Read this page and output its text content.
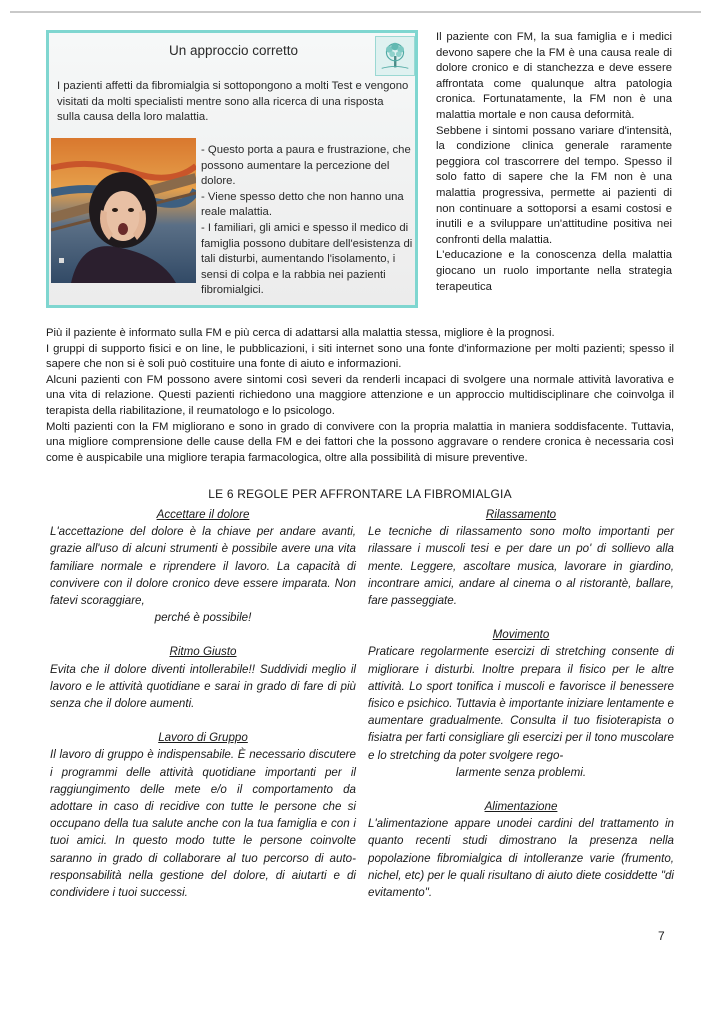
Un approccio corretto
I pazienti affetti da fibromialgia si sottopongono a molti Test e vengono visitati da molti specialisti mentre sono alla ricerca di una risposta sulla causa della loro malattia.
- Questo porta a paura e frustrazione, che possono aumentare la percezione del dolore.
- Viene spesso detto che non hanno una reale malattia.
- I familiari, gli amici e spesso il medico di famiglia possono dubitare dell'esistenza di tali disturbi, aumentando l'isolamento, i sensi di colpa e la rabbia nei pazienti fibromialgici.

Il paziente con FM, la sua famiglia e i medici devono sapere che la FM è una causa reale di dolore cronico e di stanchezza e deve essere affrontata come qualunque altra patologia cronica. Fortunatamente, la FM non è una malattia mortale e non causa deformità.

Sebbene i sintomi possano variare d'intensità, la condizione clinica generale raramente peggiora col trascorrere del tempo. Spesso il solo fatto di sapere che la FM non è una malattia progressiva, permette ai pazienti di non continuare a sottoporsi a esami costosi e inutili e a sviluppare un'attitudine positiva nei confronti della malattia.

L'educazione e la conoscenza della malattia giocano un ruolo importante nella strategia terapeutica

Più il paziente è informato sulla FM e più cerca di adattarsi alla malattia stessa, migliore è la prognosi.

I gruppi di supporto fisici e on line, le pubblicazioni, i siti internet sono una fonte d'informazione per molti pazienti; spesso il sapere che non si è soli può costituire una fonte di aiuto e informazioni.

Alcuni pazienti con FM possono avere sintomi così severi da renderli incapaci di svolgere una normale attività lavorativa e una vita di relazione. Questi pazienti richiedono una maggiore attenzione e un approccio multidisciplinare che coinvolga il terapista della riabilitazione, il reumatologo e lo psicologo.

Molti pazienti con la FM migliorano e sono in grado di convivere con la propria malattia in maniera soddisfacente. Tuttavia, una migliore comprensione delle cause della FM e dei fattori che la possono aggravare o rendere cronica è necessaria così come è auspicabile una migliore terapia farmacologica, oltre alla possibilità di misure preventive.

LE 6 REGOLE PER AFFRONTARE LA FIBROMIALGIA
Accettare il dolore

L'accettazione del dolore è la chiave per andare avanti, grazie all'uso di alcuni strumenti è possibile avere una vita familiare normale e riprendere il lavoro. La capacità di convivere con il dolore cronico deve essere imparata. Non fatevi scoraggiare,

perché è possibile!

Ritmo Giusto

Evita che il dolore diventi intollerabile!! Suddividi meglio il lavoro e le attività quotidiane e sarai in grado di fare di più senza che il dolore aumenti.

Lavoro di Gruppo

Il lavoro di gruppo è indispensabile. È necessario discutere i programmi delle attività quotidiane importanti per il raggiungimento delle mete e/o il comportamento da adottare in caso di recidive con tutte le persone che si occupano della tua salute anche con la tua famiglia e con i tuoi amici. In questo modo tutte le persone coinvolte saranno in grado di collaborare al tuo percorso di auto-responsabilità nella gestione del dolore, di aiutarti e di condividere i tuoi successi.

Rilassamento

Le tecniche di rilassamento sono molto importanti per rilassare i muscoli tesi e per dare un po' di sollievo alla mente. Leggere, ascoltare musica, lavorare in giardino, incontrare amici, andare al cinema o al ristorantè, ballare, fare passeggiate.

Movimento

Praticare regolarmente esercizi di stretching consente di migliorare i disturbi. Inoltre prepara il fisico per le altre attività. Lo sport tonifica i muscoli e favorisce il benessere fisico e psichico. Tuttavia è importante iniziare lentamente e aumentare gradualmente. Consulta il tuo fisioterapista o fisiatra per farti consigliare gli esercizi per il tono muscolare e lo stretching da poter svolgere rego-

larmente senza problemi.

Alimentazione

L'alimentazione appare unodei cardini del trattamento in quanto recenti studi dimostrano la presenza nella popolazione fibromialgica di intolleranze varie (frumento, nichel, etc) per le quali risultano di aiuto diete cosiddette "di evitamento".

7
